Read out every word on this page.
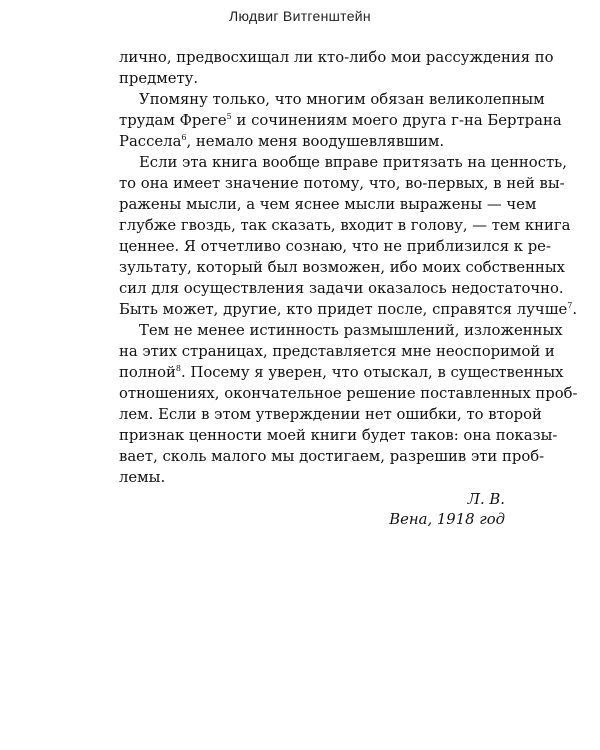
Людвиг Витгенштейн
лично, предвосхищал ли кто-либо мои рассуждения по
предмету.
Упомяну только, что многим обязан великолепным
трудам Фреге$^5$ и сочинениям моего друга г-на Бертрана
Рассела$^6$, немало меня воодушевлявшим.
Если эта книга вообще вправе притязать на ценность,
то она имеет значение потому, что, во-первых, в ней вы-
ражены мысли, а чем яснее мысли выражены — чем
глубже гвоздь, так сказать, входит в голову, — тем книга
ценнее. Я отчетливо сознаю, что не приблизился к ре-
зультату, который был возможен, ибо моих собственных
сил для осуществления задачи оказалось недостаточно.
Быть может, другие, кто придет после, справятся лучше$^7$.
Тем не менее истинность размышлений, изложенных
на этих страницах, представляется мне неоспоримой и
полной$^8$. Посему я уверен, что отыскал, в существенных
отношениях, окончательное решение поставленных проб-
лем. Если в этом утверждении нет ошибки, то второй
признак ценности моей книги будет таков: она показы-
вает, сколь малого мы достигаем, разрешив эти проб-
лемы.
Л. В.
Вена, 1918 год
